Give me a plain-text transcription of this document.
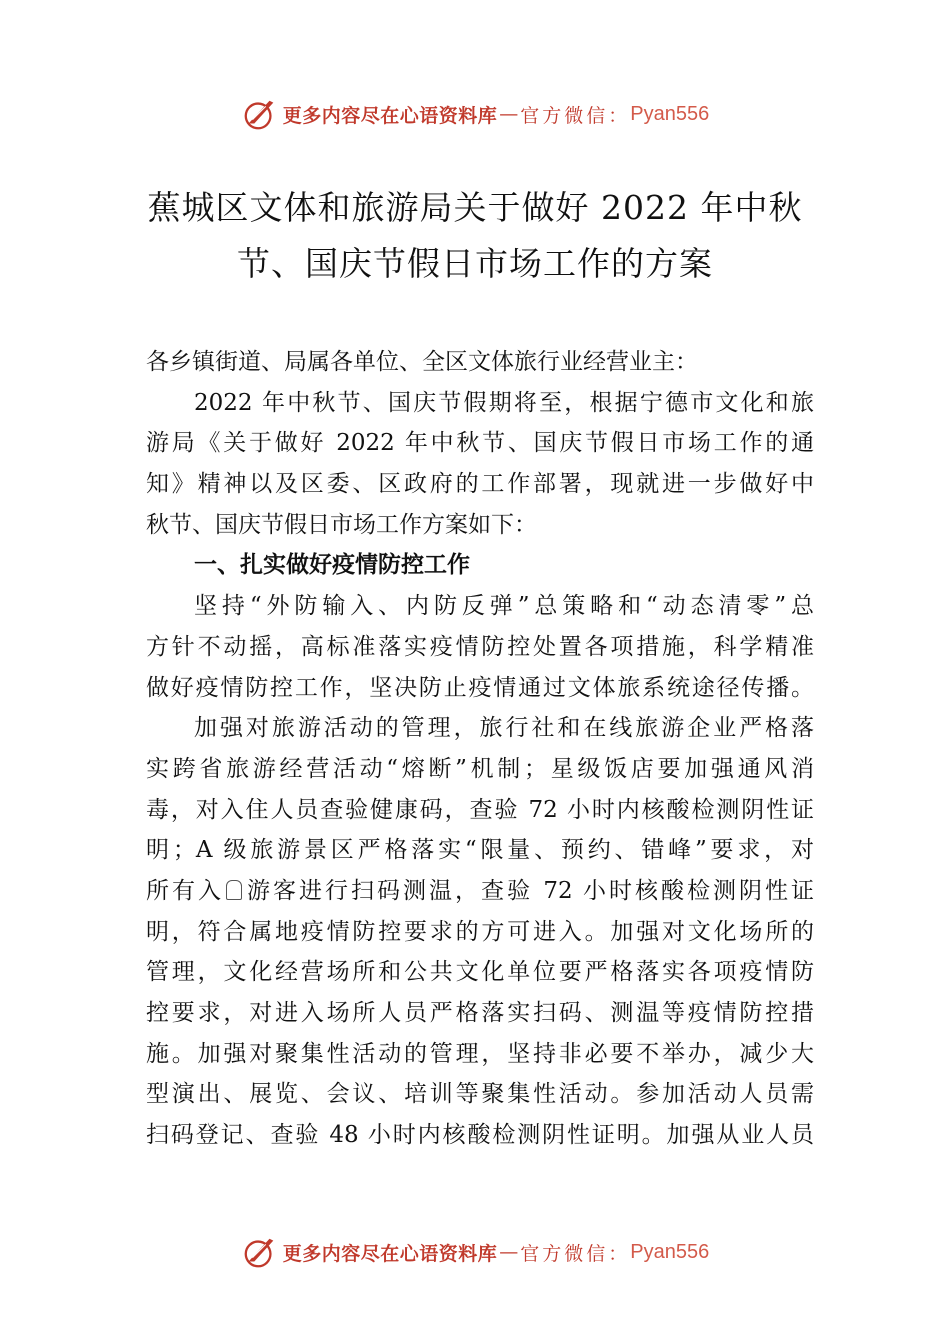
更多内容尽在心语资料库 — 官方微信： Pyan556
蕉城区文体和旅游局关于做好 2022 年中秋
节、国庆节假日市场工作的方案
各乡镇街道、局属各单位、全区文体旅行业经营业主：
2022 年中秋节、国庆节假期将至，根据宁德市文化和旅
游局《关于做好 2022 年中秋节、国庆节假日市场工作的通
知》精神以及区委、区政府的工作部署，现就进一步做好中
秋节、国庆节假日市场工作方案如下：
一、扎实做好疫情防控工作
坚持“外防输入、内防反弹”总策略和“动态清零”总
方针不动摇，高标准落实疫情防控处置各项措施，科学精准
做好疫情防控工作，坚决防止疫情通过文体旅系统途径传播。
加强对旅游活动的管理，旅行社和在线旅游企业严格落
实跨省旅游经营活动“熔断”机制；星级饭店要加强通风消
毒，对入住人员查验健康码，查验 72 小时内核酸检测阴性证
明；A 级旅游景区严格落实“限量、预约、错峰”要求，对
所有入 游客进行扫码测温，查验 72 小时核酸检测阴性证
明，符合属地疫情防控要求的方可进入。加强对文化场所的
管理，文化经营场所和公共文化单位要严格落实各项疫情防
控要求，对进入场所人员严格落实扫码、测温等疫情防控措
施。加强对聚集性活动的管理，坚持非必要不举办，减少大
型演出、展览、会议、培训等聚集性活动。参加活动人员需
扫码登记、查验 48 小时内核酸检测阴性证明。加强从业人员
更多内容尽在心语资料库 — 官方微信： Pyan556
